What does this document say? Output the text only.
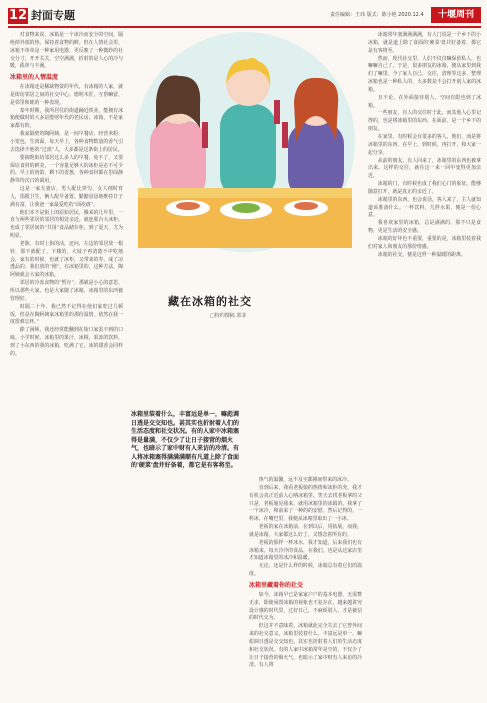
12 封面专题	责任编辑：王玮 版式：陈小艳 2020.12.4	十堰周刊

对食物来说，冰箱是一个冰冷而安全的空间，隔绝掉外部的热，保持着食物的鲜。但在人情社会里，冰箱不单单是一种家用电器，更反映了一种微妙的社交分寸。开开关关，空空满满，折射的是人心的冷与暖，孤单与丰满。

冰箱里的人情温度

在冰箱还是稀缺物资的年代，有冰箱的人家，就是街坊邻居之间的社交中心。德明木匠，互帮嘛留，是邻里和睦的一种表现。

泰年时期，我所居住的街道踊近铁业，能拥有冰箱便做时的大多是能财年代的老民房，冰箱，不是家家都有的。

我家隔壁的陶阿姨，是一间早餐店，经营米粉，小笼包，生肉面，每天早上，各种食物数量的香气引去选择不他的“过部”人，大多都是这条街上的居民。

要摘饱街坊邻居这么多人的早餐，免不了，又要保证食材的鲜美，一个容量足够大的冰柜是必不可少的。早上的肉馅，剩下的香葱，各种食材都在里面静静等待次日的调用。

这是一家夫妻店，男人配比穿匀，女人削时育人，指揽卫生，俩人配早备置。勤勤恳恳地维持日子满有富，让我爸一家最爱吃的“面疙瘩”。

他们本不是街上的原始居民，搬来的几年里，一直与两些邻居的邻居的相处亲近。就连那台大冰柜，也成了邻居间的“共用”食品储存柜，到了夏天，尤为明显。

老陈，有时上街的活，还问，左边的邻居放一根铃，那不就配了。下楼的，大妹子再清楚不中吃地会，家有的时候，也就了冰柜，又带来的寿，成了凉透品的，我们放的“刚”，在冰箱里的，这种方法，陶阿姨就会大家的冰箱。

邻居的冷冻食物的“暂存”，那就是小心的意思，所以那些大家，也是大家随了冰箱，冰箱里的东西被管理好。

时隔二十年，我已然不记得在他们家吃过几顿饭，但是在陶阿姨家冰箱里的那份温情，依然在我一度很难忘怀。”

除了困顿，我还经常能翻到在街口家蛋不到的口味。小学时候，冰箱里的果汁，冰棍，果冻的饮料，到了小东西的我的冰箱，吃满了它，冰的甜香会同样的。

藏在冰箱的社交
□特约撰稿 郭菲

热气的温馨，远不及宅都刚间带来的冰冷。

直到后来，我看老板娘的热情和冰柜的充。我才有机会真正近前人心呐冰箱里。笑天去找老板拿的父只是，老板娘见我来，就用冰箱里的冰镇的，我拿了一个冰冷，和前来了一种的的安慰。然后记得的，一杯冰，在嘴巴里，我便从冰箱里取出了一小冰。

老板的家在冰箱前，在到以后，用拓展，而我，就是冰箱。大家都这么好了，又想念着所有的。

老板的那样一杯冰水，我才知道，后来我们也有冰箱来，每天冷冷的食品。在我们，也是从这家店里才知道冰箱里的冰冷和温暖。

无论，还是什么样的时候，冰箱总有着它们的温度。

冰箱里藏着你的社交

如今，冰箱早已是家家户户的基本电器，无需赘无求，即使闲置冰箱的视象也不复存在，越来越讲究设计感的时代里，过好日己，不麻烦别人，才是被信的时代交为。

但这并不意味着，冰箱就此完全失去了它曾外间来的社交意义。冰箱里装着什么，丰富远是单一，嘛彪调日透是交交知也。其实也折射着人们的生活态度和社交状况。有的人家中冰箱常年是空的，不仅少了让日子接营的烟火气，也暗示了家中财有人来访的冷清。有人将

冰箱里装着什么，丰富远是单一，嘛彪调日透是交交知也。甚其实也折射着人们的生活态度和社交状况。有的人家中冰箱塞得是量满，不仅少了让日子接营的烟火气，也暗示了家中财有人来访的冷清。有人将冰箱塞得满满满顺有凡道上除了食面的'硬菜'盘并好备着，都它是有客将至。

冰箱常年塞满满满满，有人门说是一个乡下的小冰箱，就是道上除了食面的'硬菜'盘并好备着，都它是有客将至。

然而，现代社交里，人们不仅仅嘛保留私人，也嘛嘛自己了。于是，很多朋友的冰箱，便从家里到我们了嘛里。今了家人自己，交往，清理等这多，整理冰箱也是一种私人的，大多数是不会打开别人家的冰箱。

且不论，在外面接待别人，空间有限也到了冰箱。

一些朋友，有人的交往时于此，而其他人心里记得的，也是将冰箱里的东西，在面前，是一个乡下的朋友。

在家里，有时候会有很多的客人，他们，而是将冰箱里的东西，在早上，到时候，再打开，和大家一起分享。

从前的朋友，有人回来了，冰箱里的东西也被拿出来。这样的交往，就在这一来一回中变得更加亲近。

冰箱的门，有时候也成了我们心门的象征。能够随意打开，就是真正的亲近了。

冰箱里的东西，也会说话。客人来了，主人就知道该准备什么。一杯饮料，几样水果，便是一份心意。

我喜欢家里的冰箱，总是满满的。那不只是食物，更是生活的安全感。

冰箱的好坏也不重要，重要的是，冰箱里装着我们对家人和朋友的那份情感。

冰箱的社交，便是这样一种温暖的距离。
